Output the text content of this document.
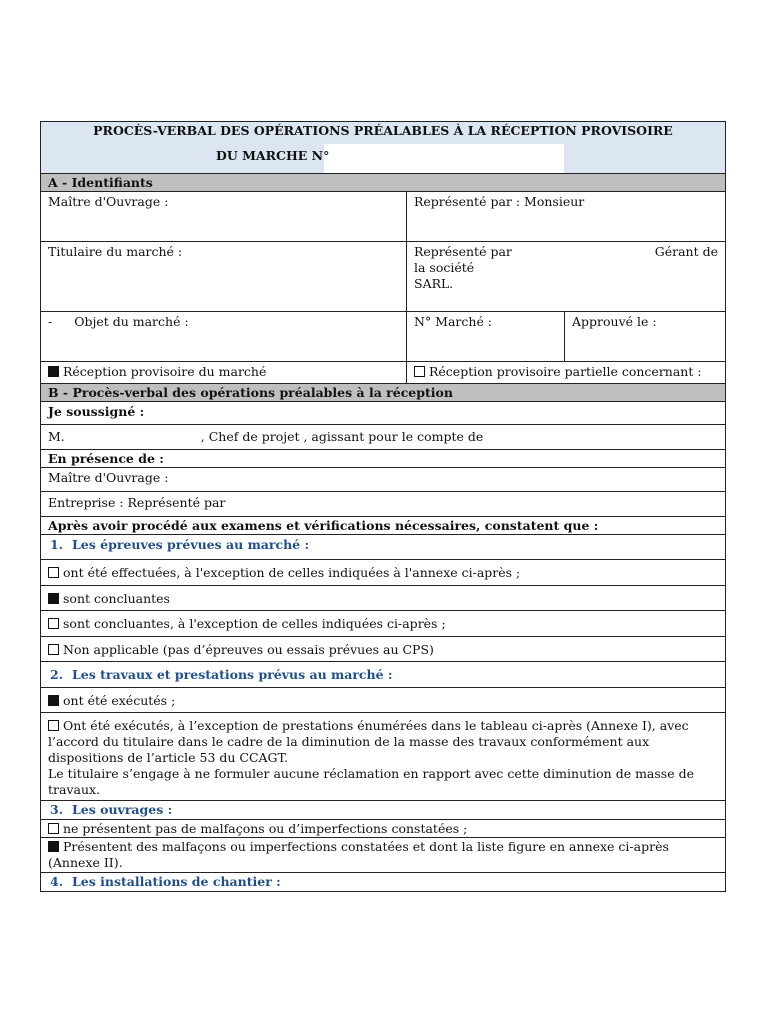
PROCÈS-VERBAL DES OPÉRATIONS PRÉALABLES À LA RÉCEPTION PROVISOIRE
DU MARCHE N°
A - Identifiants
Maître d'Ouvrage :	Représenté par : Monsieur
Titulaire du marché :	Représenté par	Gérant de
la société
SARL.
- Objet du marché :	N° Marché :	Approuvé le :
Réception provisoire du marché	Réception provisoire partielle concernant :
B - Procès-verbal des opérations préalables à la réception
Je soussigné :
M.	, Chef de projet , agissant pour le compte de
En présence de :
Maître d'Ouvrage :
Entreprise : Représenté par
Après avoir procédé aux examens et vérifications nécessaires, constatent que :
1. Les épreuves prévues au marché :
ont été effectuées, à l'exception de celles indiquées à l'annexe ci-après ;
sont concluantes
sont concluantes, à l'exception de celles indiquées ci-après ;
Non applicable (pas d’épreuves ou essais prévues au CPS)
2. Les travaux et prestations prévus au marché :
ont été exécutés ;
Ont été exécutés, à l’exception de prestations énumérées dans le tableau ci-après (Annexe I), avec
l’accord du titulaire dans le cadre de la diminution de la masse des travaux conformément aux
dispositions de l’article 53 du CCAGT.
Le titulaire s’engage à ne formuler aucune réclamation en rapport avec cette diminution de masse de
travaux.
3. Les ouvrages :
ne présentent pas de malfaçons ou d’imperfections constatées ;
Présentent des malfaçons ou imperfections constatées et dont la liste figure en annexe ci-après
(Annexe II).
4. Les installations de chantier :
